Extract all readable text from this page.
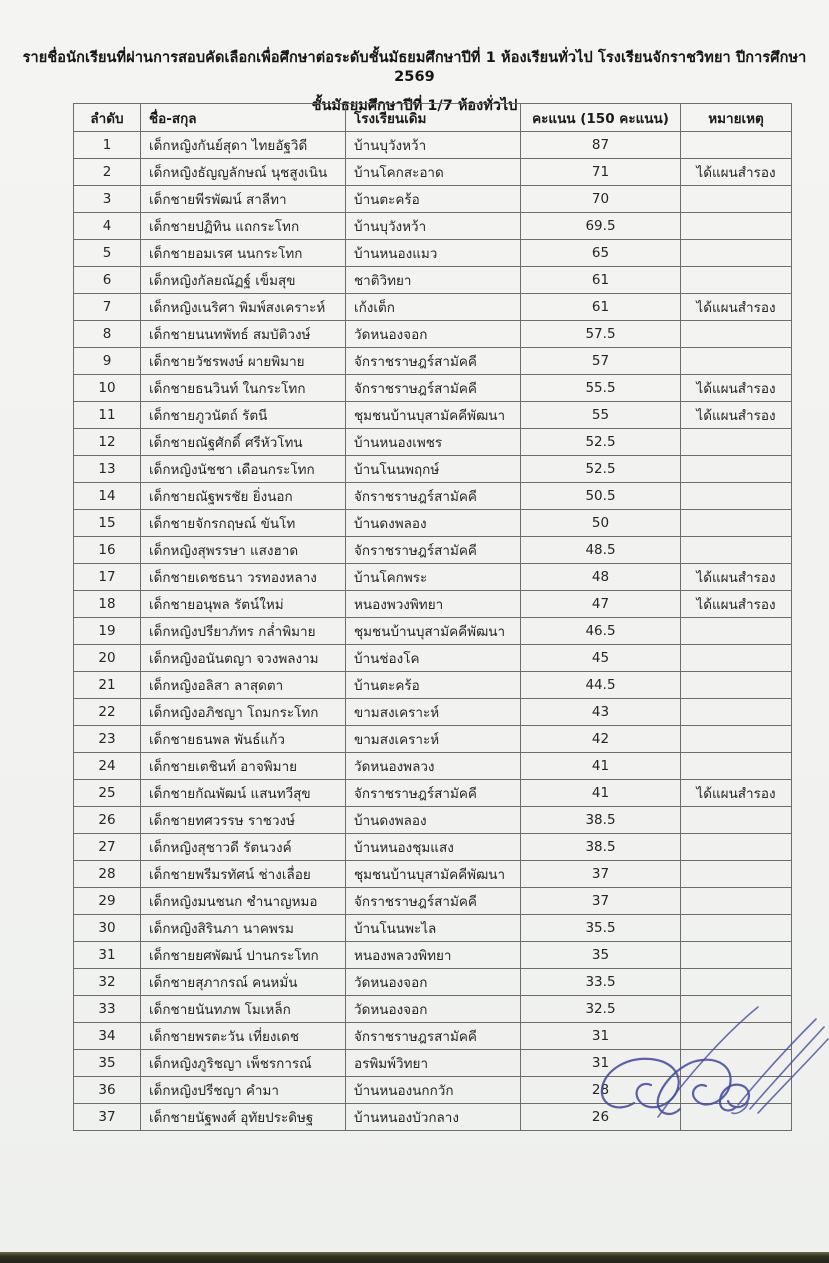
รายชื่อนักเรียนที่ผ่านการสอบคัดเลือกเพื่อศึกษาต่อระดับชั้นมัธยมศึกษาปีที่ 1 ห้องเรียนทั่วไป โรงเรียนจักราชวิทยา ปีการศึกษา 2569
ชั้นมัธยมศึกษาปีที่ 1/7 ห้องทั่วไป
ลำดับ	ชื่อ-สกุล	โรงเรียนเดิม	คะแนน (150 คะแนน)	หมายเหตุ
1	เด็กหญิงกันย์สุดา ไทยอัฐวิดี	บ้านบุวังหว้า	87	
2	เด็กหญิงธัญญลักษณ์ นุชสูงเนิน	บ้านโคกสะอาด	71	ได้แผนสำรอง
3	เด็กชายพีรพัฒน์ สาลีทา	บ้านตะคร้อ	70	
4	เด็กชายปฏิทิน แถกระโทก	บ้านบุวังหว้า	69.5	
5	เด็กชายอมเรศ นนกระโทก	บ้านหนองแมว	65	
6	เด็กหญิงกัลยณัฏฐ์ เข็มสุข	ชาติวิทยา	61	
7	เด็กหญิงเนริศา พิมพ์สงเคราะห์	เก้งเต็ก	61	ได้แผนสำรอง
8	เด็กชายนนทพัทธ์ สมบัติวงษ์	วัดหนองจอก	57.5	
9	เด็กชายวัชรพงษ์ ผายพิมาย	จักราชราษฎร์สามัคคี	57	
10	เด็กชายธนวินท์ ในกระโทก	จักราชราษฎร์สามัคคี	55.5	ได้แผนสำรอง
11	เด็กชายภูวนัตถ์ รัตนี	ชุมชนบ้านบุสามัคคีพัฒนา	55	ได้แผนสำรอง
12	เด็กชายณัฐศักดิ์ ศรีหัวโทน	บ้านหนองเพชร	52.5	
13	เด็กหญิงนัชชา เดือนกระโทก	บ้านโนนพฤกษ์	52.5	
14	เด็กชายณัฐพรชัย ยิ่งนอก	จักราชราษฎร์สามัคคี	50.5	
15	เด็กชายจักรกฤษณ์ ขันโท	บ้านดงพลอง	50	
16	เด็กหญิงสุพรรษา แสงฮาด	จักราชราษฎร์สามัคคี	48.5	
17	เด็กชายเดชธนา วรทองหลาง	บ้านโคกพระ	48	ได้แผนสำรอง
18	เด็กชายอนุพล รัตน์ใหม่	หนองพวงพิทยา	47	ได้แผนสำรอง
19	เด็กหญิงปรียาภัทร กล่ำพิมาย	ชุมชนบ้านบุสามัคคีพัฒนา	46.5	
20	เด็กหญิงอนันตญา จวงพลงาม	บ้านช่องโค	45	
21	เด็กหญิงอลิสา ลาสุดตา	บ้านตะคร้อ	44.5	
22	เด็กหญิงอภิชญา โถมกระโทก	ขามสงเคราะห์	43	
23	เด็กชายธนพล พันธ์แก้ว	ขามสงเคราะห์	42	
24	เด็กชายเตชินท์ อาจพิมาย	วัดหนองพลวง	41	
25	เด็กชายกัณพัฒน์ แสนทวีสุข	จักราชราษฎร์สามัคคี	41	ได้แผนสำรอง
26	เด็กชายทศวรรษ ราชวงษ์	บ้านดงพลอง	38.5	
27	เด็กหญิงสุชาวดี รัตนวงค์	บ้านหนองชุมแสง	38.5	
28	เด็กชายพรีมรทัศน์ ช่างเลื่อย	ชุมชนบ้านบุสามัคคีพัฒนา	37	
29	เด็กหญิงมนชนก ชำนาญหมอ	จักราชราษฎร์สามัคคี	37	
30	เด็กหญิงสิรินภา นาคพรม	บ้านโนนพะไล	35.5	
31	เด็กชายยศพัฒน์ ปานกระโทก	หนองพลวงพิทยา	35	
32	เด็กชายสุภากรณ์ คนหมั่น	วัดหนองจอก	33.5	
33	เด็กชายนันทภพ โมเหล็ก	วัดหนองจอก	32.5	
34	เด็กชายพรตะวัน เที่ยงเดช	จักราชราษฎรสามัคคี	31	
35	เด็กหญิงภูริชญา เพ็ชรการณ์	อรพิมพ์วิทยา	31	
36	เด็กหญิงปรีชญา คำมา	บ้านหนองนกกวัก	28	
37	เด็กชายนัฐพงศ์ อุทัยประดิษฐ	บ้านหนองบัวกลาง	26	
